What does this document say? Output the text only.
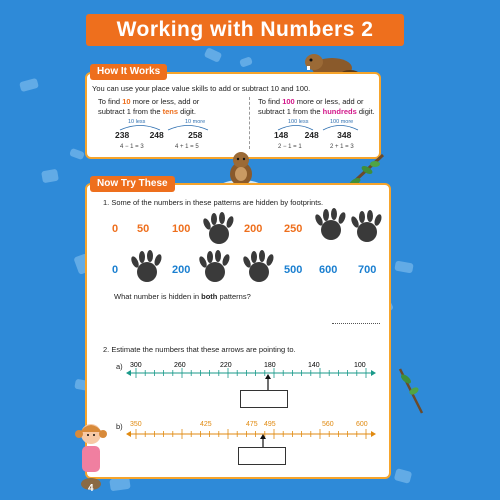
Working with Numbers 2
How It Works
You can use your place value skills to add or subtract 10 and 100.
To find 10 more or less, add or
subtract 1 from the tens digit.
10 less	10 more
238 248	258
4 − 1 = 3	4 + 1 = 5
To find 100 more or less, add or
subtract 1 from the hundreds digit.
100 less	100 more
148 248 348
2 − 1 = 1	2 + 1 = 3
Now Try These
1. Some of the numbers in these patterns are hidden by footprints.
0 50 100	200 250
0	200	500 600 700
What number is hidden in both patterns?
2. Estimate the numbers that these arrows are pointing to.
a) 300	260	220	180	140	100
b) 350	425	475 495	560	600
4
